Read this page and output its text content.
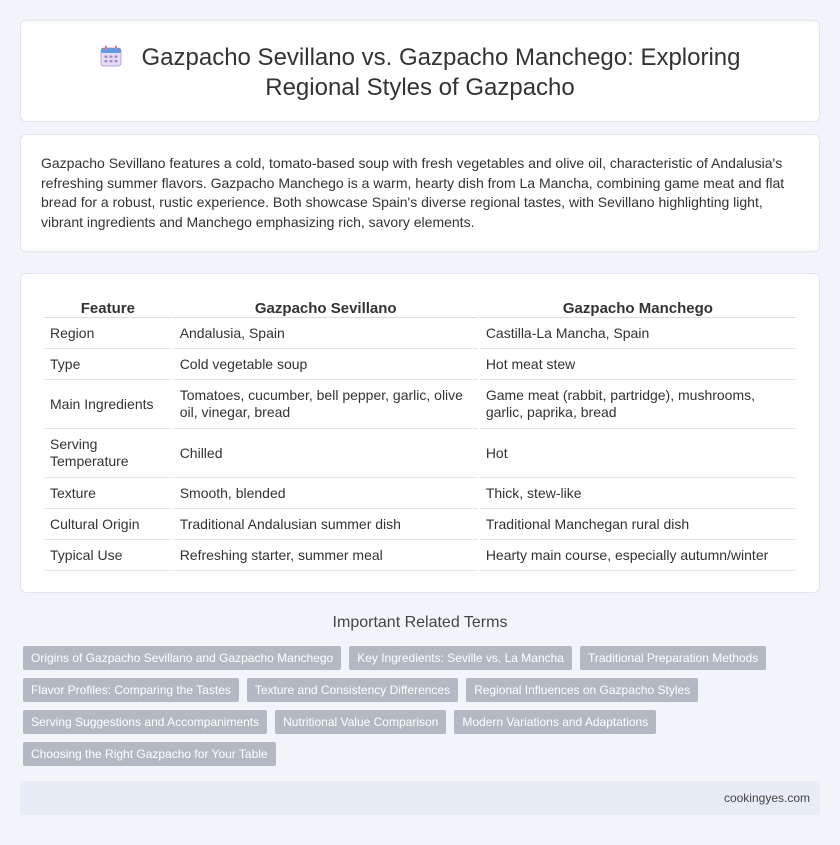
Gazpacho Sevillano vs. Gazpacho Manchego: Exploring Regional Styles of Gazpacho

Gazpacho Sevillano features a cold, tomato-based soup with fresh vegetables and olive oil, characteristic of Andalusia's refreshing summer flavors. Gazpacho Manchego is a warm, hearty dish from La Mancha, combining game meat and flat bread for a robust, rustic experience. Both showcase Spain's diverse regional tastes, with Sevillano highlighting light, vibrant ingredients and Manchego emphasizing rich, savory elements.

Feature	Gazpacho Sevillano	Gazpacho Manchego
Region	Andalusia, Spain	Castilla-La Mancha, Spain
Type	Cold vegetable soup	Hot meat stew
Main Ingredients	Tomatoes, cucumber, bell pepper, garlic, olive oil, vinegar, bread	Game meat (rabbit, partridge), mushrooms, garlic, paprika, bread
Serving Temperature	Chilled	Hot
Texture	Smooth, blended	Thick, stew-like
Cultural Origin	Traditional Andalusian summer dish	Traditional Manchegan rural dish
Typical Use	Refreshing starter, summer meal	Hearty main course, especially autumn/winter
Important Related Terms
Origins of Gazpacho Sevillano and Gazpacho Manchego	Key Ingredients: Seville vs. La Mancha	Traditional Preparation Methods
Flavor Profiles: Comparing the Tastes	Texture and Consistency Differences	Regional Influences on Gazpacho Styles
Serving Suggestions and Accompaniments	Nutritional Value Comparison	Modern Variations and Adaptations
Choosing the Right Gazpacho for Your Table
cookingyes.com
